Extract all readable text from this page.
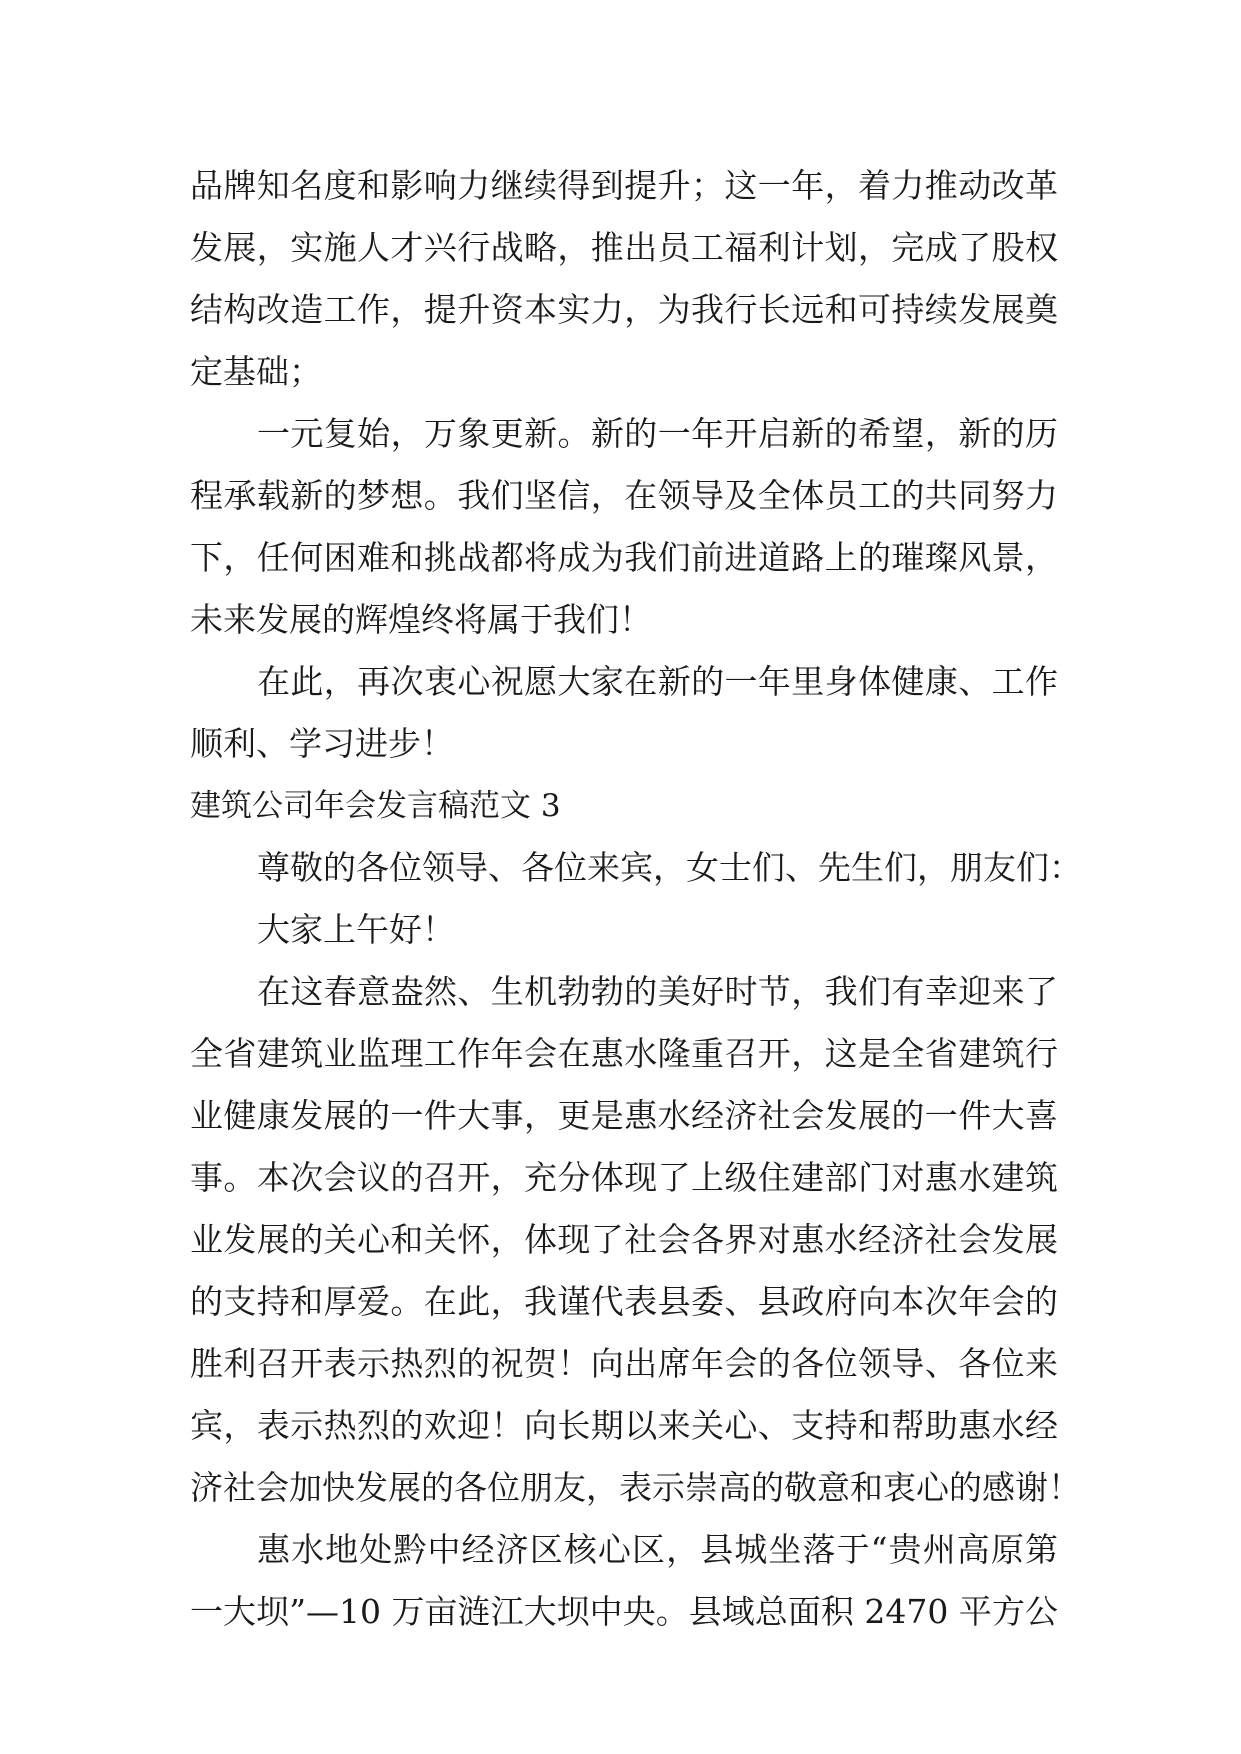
品牌知名度和影响力继续得到提升；这一年，着力推动改革
发展，实施人才兴行战略，推出员工福利计划，完成了股权
结构改造工作，提升资本实力，为我行长远和可持续发展奠
定基础；
一元复始，万象更新。新的一年开启新的希望，新的历
程承载新的梦想。我们坚信，在领导及全体员工的共同努力
下，任何困难和挑战都将成为我们前进道路上的璀璨风景，
未来发展的辉煌终将属于我们！
在此，再次衷心祝愿大家在新的一年里身体健康、工作
顺利、学习进步！
建筑公司年会发言稿范文 3
尊敬的各位领导、各位来宾，女士们、先生们，朋友们：
大家上午好！
在这春意盎然、生机勃勃的美好时节，我们有幸迎来了
全省建筑业监理工作年会在惠水隆重召开，这是全省建筑行
业健康发展的一件大事，更是惠水经济社会发展的一件大喜
事。本次会议的召开，充分体现了上级住建部门对惠水建筑
业发展的关心和关怀，体现了社会各界对惠水经济社会发展
的支持和厚爱。在此，我谨代表县委、县政府向本次年会的
胜利召开表示热烈的祝贺！向出席年会的各位领导、各位来
宾，表示热烈的欢迎！向长期以来关心、支持和帮助惠水经
济社会加快发展的各位朋友，表示崇高的敬意和衷心的感谢！
惠水地处黔中经济区核心区，县城坐落于“贵州高原第
一大坝”—10 万亩涟江大坝中央。县域总面积 2470 平方公
